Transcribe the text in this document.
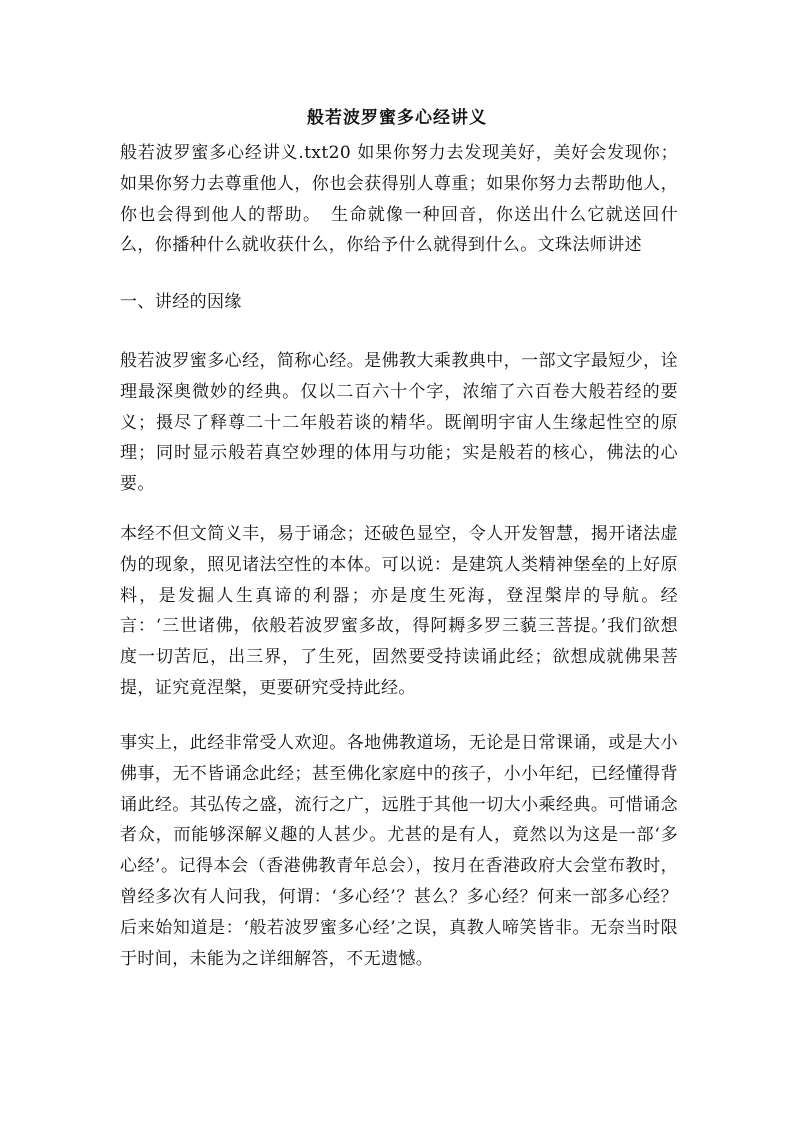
般若波罗蜜多心经讲义

般若波罗蜜多心经讲义.txt20 如果你努力去发现美好，美好会发现你；如果你努力去尊重他人，你也会获得别人尊重；如果你努力去帮助他人，你也会得到他人的帮助。　生命就像一种回音，你送出什么它就送回什么，你播种什么就收获什么，你给予什么就得到什么。文珠法师讲述

一、讲经的因缘

般若波罗蜜多心经，简称心经。是佛教大乘教典中，一部文字最短少，诠理最深奥微妙的经典。仅以二百六十个字，浓缩了六百卷大般若经的要义；摄尽了释尊二十二年般若谈的精华。既阐明宇宙人生缘起性空的原理；同时显示般若真空妙理的体用与功能；实是般若的核心，佛法的心要。

本经不但文简义丰，易于诵念；还破色显空，令人开发智慧，揭开诸法虚伪的现象，照见诸法空性的本体。可以说：是建筑人类精神堡垒的上好原料，是发掘人生真谛的利器；亦是度生死海，登涅槃岸的导航。经言：‘三世诸佛，依般若波罗蜜多故，得阿耨多罗三藐三菩提。’我们欲想度一切苦厄，出三界，了生死，固然要受持读诵此经；欲想成就佛果菩提，证究竟涅槃，更要研究受持此经。

事实上，此经非常受人欢迎。各地佛教道场，无论是日常课诵，或是大小佛事，无不皆诵念此经；甚至佛化家庭中的孩子，小小年纪，已经懂得背诵此经。其弘传之盛，流行之广，远胜于其他一切大小乘经典。可惜诵念者众，而能够深解义趣的人甚少。尤甚的是有人，竟然以为这是一部‘多心经’。记得本会（香港佛教青年总会），按月在香港政府大会堂布教时，曾经多次有人问我，何谓：‘多心经’？甚么？多心经？何来一部多心经？后来始知道是：‘般若波罗蜜多心经’之误，真教人啼笑皆非。无奈当时限于时间，未能为之详细解答，不无遗憾。
